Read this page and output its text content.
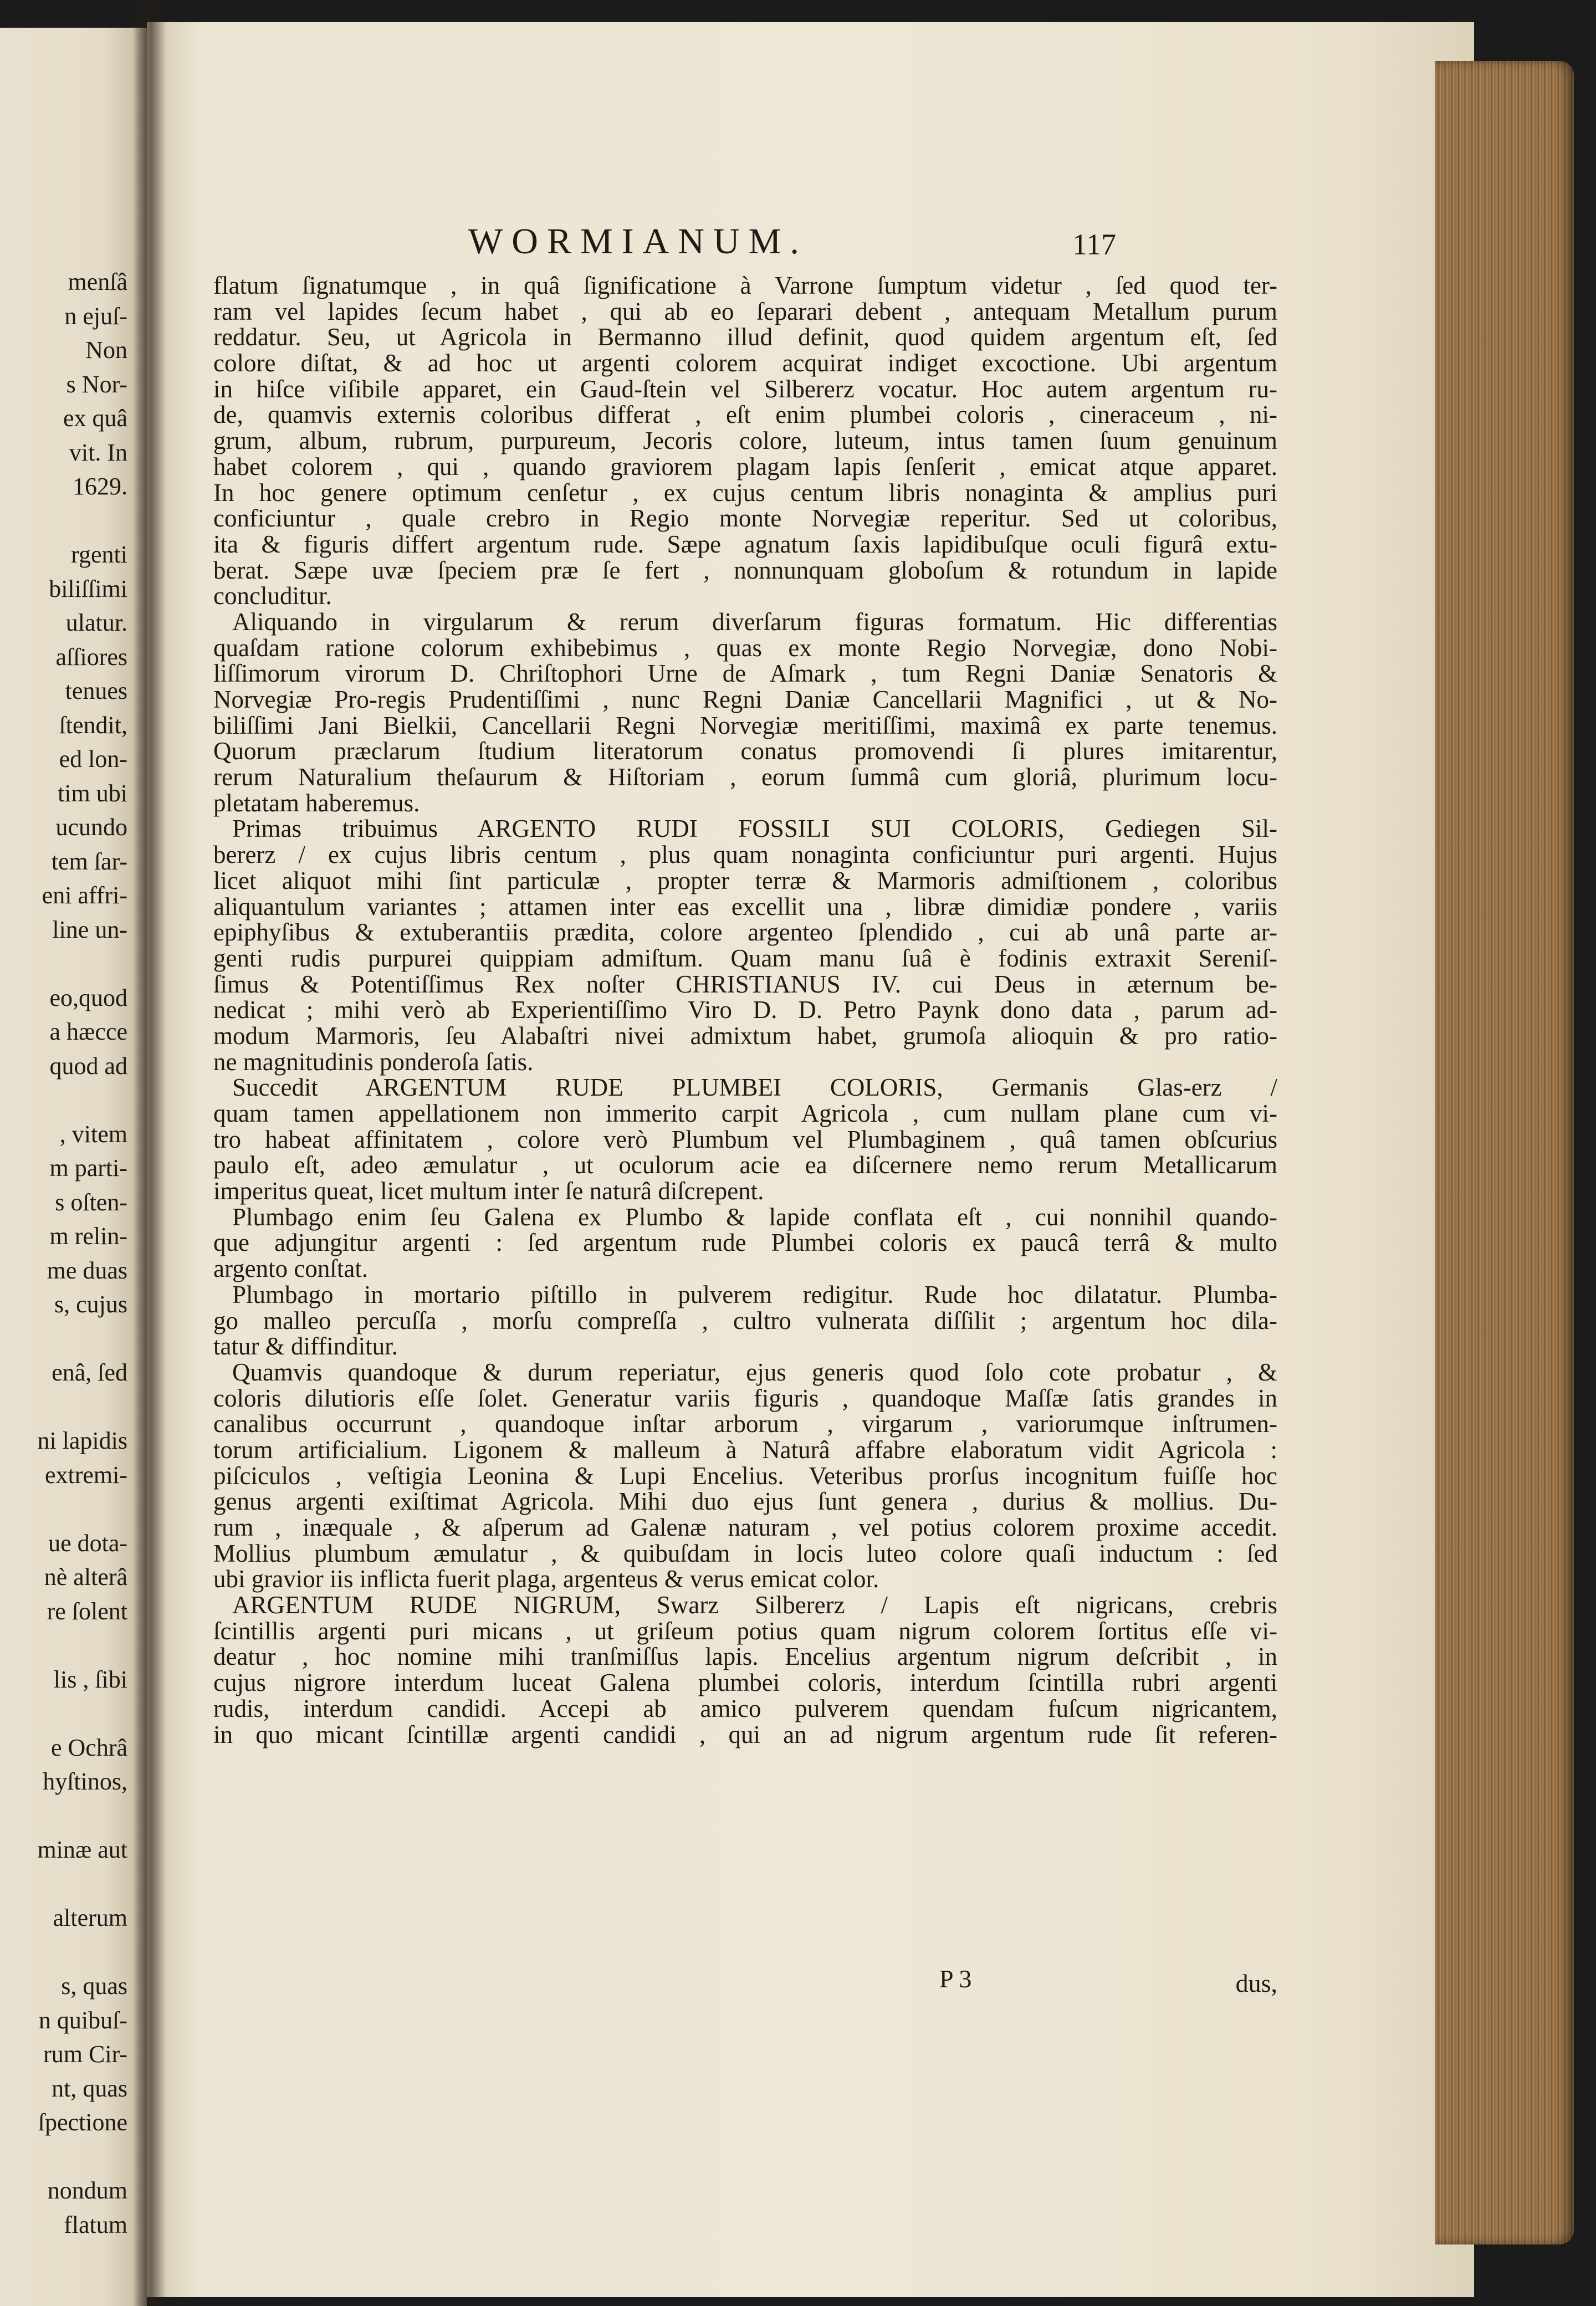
menſâ
n ejuſ-
Non
s Nor-
ex quâ
vit. In
1629.
rgenti
biliſſimi
ulatur.
aſſiores
tenues
ſtendit,
ed lon-
tim ubi
ucundo
tem ſar-
eni affri-
line un-
eo,quod
a hæcce
quod ad
, vitem
m parti-
s oſten-
m relin-
me duas
s, cujus
enâ, ſed
ni lapidis
extremi-
ue dota-
nè alterâ
re ſolent
lis , ſibi
e Ochrâ
hyſtinos,
minæ aut
alterum
s, quas
n quibuſ-
rum Cir-
nt, quas
ſpectione
nondum
flatum
WORMIANUM.	117
flatum ſignatumque , in quâ ſignificatione à Varrone ſumptum videtur , ſed quod ter-
ram vel lapides ſecum habet , qui ab eo ſeparari debent , antequam Metallum purum
reddatur. Seu, ut Agricola in Bermanno illud definit, quod quidem argentum eſt, ſed
colore diſtat, & ad hoc ut argenti colorem acquirat indiget excoctione. Ubi argentum
in hiſce viſibile apparet, ein Gaud-ſtein vel Silbererz vocatur. Hoc autem argentum ru-
de, quamvis externis coloribus differat , eſt enim plumbei coloris , cineraceum , ni-
grum, album, rubrum, purpureum, Jecoris colore, luteum, intus tamen ſuum genuinum
habet colorem , qui , quando graviorem plagam lapis ſenſerit , emicat atque apparet.
In hoc genere optimum cenſetur , ex cujus centum libris nonaginta & amplius puri
conficiuntur , quale crebro in Regio monte Norvegiæ reperitur. Sed ut coloribus,
ita & figuris differt argentum rude. Sæpe agnatum ſaxis lapidibuſque oculi figurâ extu-
berat. Sæpe uvæ ſpeciem præ ſe fert , nonnunquam globoſum & rotundum in lapide
concluditur.
Aliquando in virgularum & rerum diverſarum figuras formatum. Hic differentias
quaſdam ratione colorum exhibebimus , quas ex monte Regio Norvegiæ, dono Nobi-
liſſimorum virorum D. Chriſtophori Urne de Aſmark , tum Regni Daniæ Senatoris &
Norvegiæ Pro-regis Prudentiſſimi , nunc Regni Daniæ Cancellarii Magnifici , ut & No-
biliſſimi Jani Bielkii, Cancellarii Regni Norvegiæ meritiſſimi, maximâ ex parte tenemus.
Quorum præclarum ſtudium literatorum conatus promovendi ſi plures imitarentur,
rerum Naturalium theſaurum & Hiſtoriam , eorum ſummâ cum gloriâ, plurimum locu-
pletatam haberemus.
Primas tribuimus ARGENTO RUDI FOSSILI SUI COLORIS, Gediegen Sil-
bererz / ex cujus libris centum , plus quam nonaginta conficiuntur puri argenti. Hujus
licet aliquot mihi ſint particulæ , propter terræ & Marmoris admiſtionem , coloribus
aliquantulum variantes ; attamen inter eas excellit una , libræ dimidiæ pondere , variis
epiphyſibus & extuberantiis prædita, colore argenteo ſplendido , cui ab unâ parte ar-
genti rudis purpurei quippiam admiſtum. Quam manu ſuâ è fodinis extraxit Sereniſ-
ſimus & Potentiſſimus Rex noſter CHRISTIANUS IV. cui Deus in æternum be-
nedicat ; mihi verò ab Experientiſſimo Viro D. D. Petro Paynk dono data , parum ad-
modum Marmoris, ſeu Alabaſtri nivei admixtum habet, grumoſa alioquin & pro ratio-
ne magnitudinis ponderoſa ſatis.
Succedit ARGENTUM RUDE PLUMBEI COLORIS, Germanis Glas-erz /
quam tamen appellationem non immerito carpit Agricola , cum nullam plane cum vi-
tro habeat affinitatem , colore verò Plumbum vel Plumbaginem , quâ tamen obſcurius
paulo eſt, adeo æmulatur , ut oculorum acie ea diſcernere nemo rerum Metallicarum
imperitus queat, licet multum inter ſe naturâ diſcrepent.
Plumbago enim ſeu Galena ex Plumbo & lapide conflata eſt , cui nonnihil quando-
que adjungitur argenti : ſed argentum rude Plumbei coloris ex paucâ terrâ & multo
argento conſtat.
Plumbago in mortario piſtillo in pulverem redigitur. Rude hoc dilatatur. Plumba-
go malleo percuſſa , morſu compreſſa , cultro vulnerata diſſilit ; argentum hoc dila-
tatur & diffinditur.
Quamvis quandoque & durum reperiatur, ejus generis quod ſolo cote probatur , &
coloris dilutioris eſſe ſolet. Generatur variis figuris , quandoque Maſſæ ſatis grandes in
canalibus occurrunt , quandoque inſtar arborum , virgarum , variorumque inſtrumen-
torum artificialium. Ligonem & malleum à Naturâ affabre elaboratum vidit Agricola :
piſciculos , veſtigia Leonina & Lupi Encelius. Veteribus prorſus incognitum fuiſſe hoc
genus argenti exiſtimat Agricola. Mihi duo ejus ſunt genera , durius & mollius. Du-
rum , inæquale , & aſperum ad Galenæ naturam , vel potius colorem proxime accedit.
Mollius plumbum æmulatur , & quibuſdam in locis luteo colore quaſi inductum : ſed
ubi gravior iis inflicta fuerit plaga, argenteus & verus emicat color.
ARGENTUM RUDE NIGRUM, Swarz Silbererz / Lapis eſt nigricans, crebris
ſcintillis argenti puri micans , ut griſeum potius quam nigrum colorem ſortitus eſſe vi-
deatur , hoc nomine mihi tranſmiſſus lapis. Encelius argentum nigrum deſcribit , in
cujus nigrore interdum luceat Galena plumbei coloris, interdum ſcintilla rubri argenti
rudis, interdum candidi. Accepi ab amico pulverem quendam fuſcum nigricantem,
in quo micant ſcintillæ argenti candidi , qui an ad nigrum argentum rude ſit referen-
P 3	dus,
